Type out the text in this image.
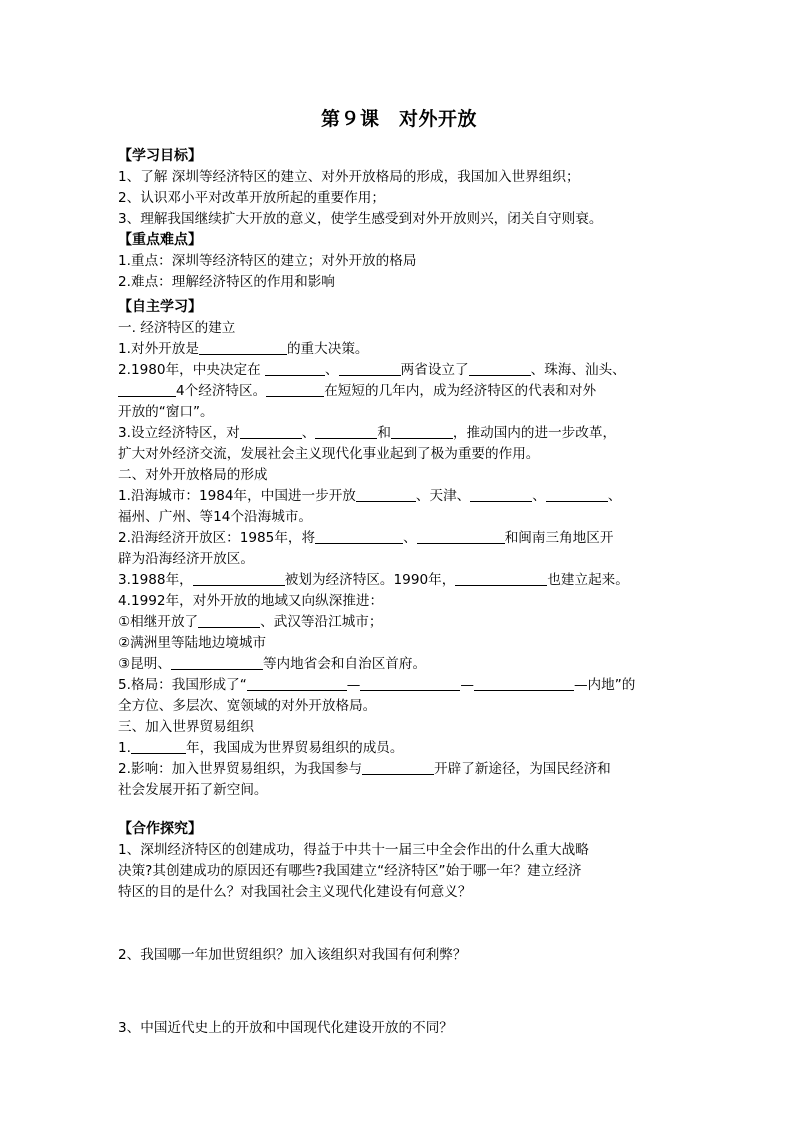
第９课　对外开放
【学习目标】
1、了解 深圳等经济特区的建立、对外开放格局的形成，我国加入世界组织；
2、认识邓小平对改革开放所起的重要作用；
3、理解我国继续扩大开放的意义，使学生感受到对外开放则兴，闭关自守则衰。
【重点难点】
1.重点：深圳等经济特区的建立；对外开放的格局
2.难点：理解经济特区的作用和影响
【自主学习】
一. 经济特区的建立
1.对外开放是	的重大决策。
2.1980年，中央决定在	、	两省设立了	、珠海、汕头、
4个经济特区。	在短短的几年内，成为经济特区的代表和对外
开放的“窗口”。
3.设立经济特区，对	、	和	，推动国内的进一步改革，
扩大对外经济交流，发展社会主义现代化事业起到了极为重要的作用。
二、对外开放格局的形成
1.沿海城市：1984年，中国进一步开放	、天津、	、	、
福州、广州、等14个沿海城市。
2.沿海经济开放区：1985年，将	、	和闽南三角地区开
辟为沿海经济开放区。
3.1988年，	被划为经济特区。1990年，	也建立起来。
4.1992年，对外开放的地域又向纵深推进：
①相继开放了	、武汉等沿江城市；
②满洲里等陆地边境城市
③昆明、	等内地省会和自治区首府。
5.格局：我国形成了“	—	—	—内地”的
全方位、多层次、宽领域的对外开放格局。
三、加入世界贸易组织
1.	年，我国成为世界贸易组织的成员。
2.影响：加入世界贸易组织，为我国参与	开辟了新途径，为国民经济和
社会发展开拓了新空间。
【合作探究】
1、深圳经济特区的创建成功，得益于中共十一届三中全会作出的什么重大战略
决策?其创建成功的原因还有哪些?我国建立“经济特区”始于哪一年？建立经济
特区的目的是什么？对我国社会主义现代化建设有何意义？
2、我国哪一年加世贸组织？加入该组织对我国有何利弊？
3、中国近代史上的开放和中国现代化建设开放的不同？
